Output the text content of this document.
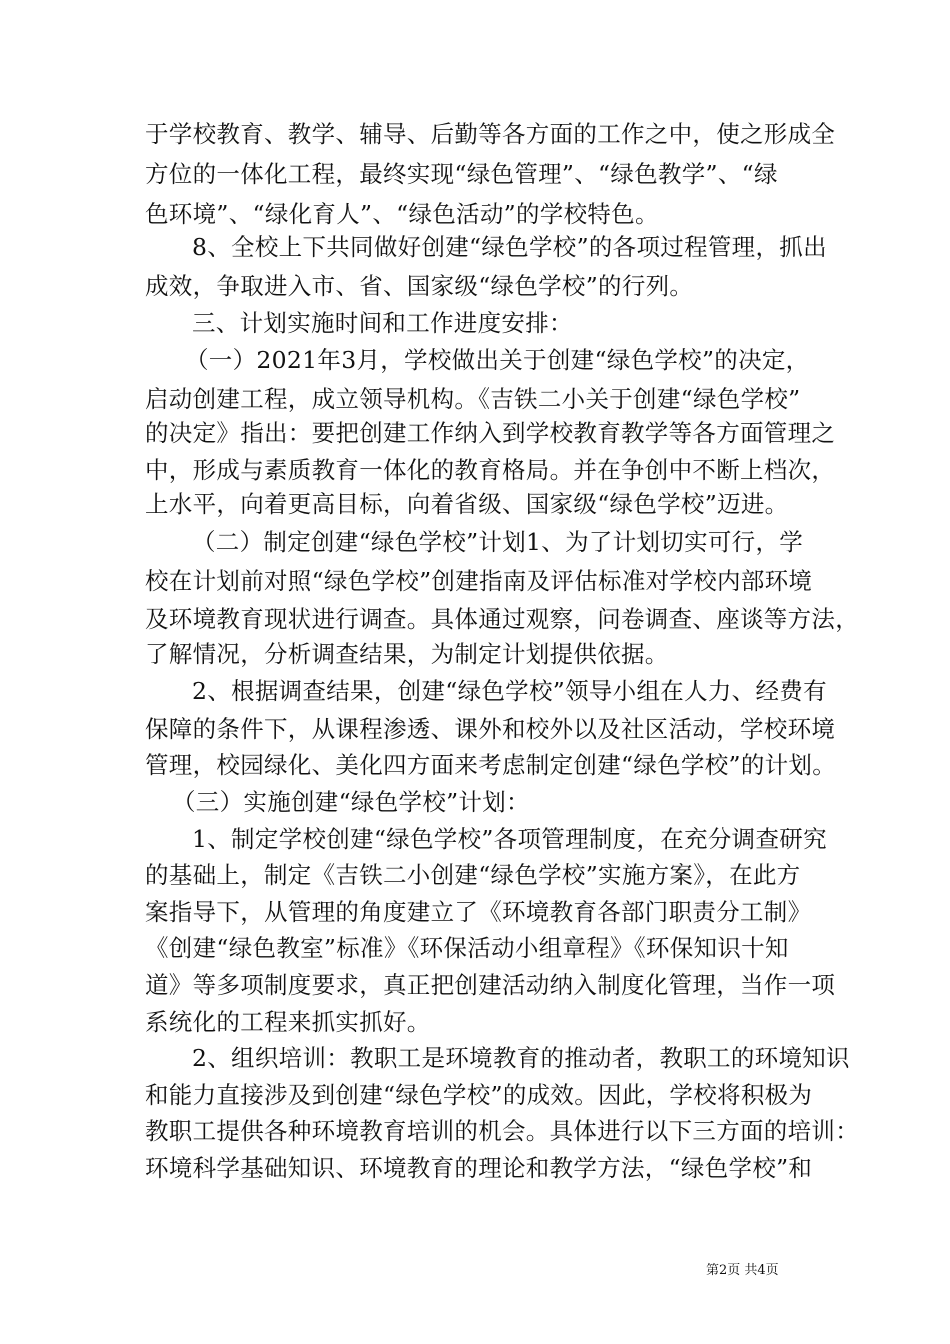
于学校教育、教学、辅导、后勤等各方面的工作之中，使之形成全
方位的一体化工程，最终实现“绿色管理”、“绿色教学”、“绿
色环境”、“绿化育人”、“绿色活动”的学校特色。
8、全校上下共同做好创建“绿色学校”的各项过程管理，抓出
成效，争取进入市、省、国家级“绿色学校”的行列。
三、计划实施时间和工作进度安排：
（一）2021年3月，学校做出关于创建“绿色学校”的决定，
启动创建工程，成立领导机构。《吉铁二小关于创建“绿色学校”
的决定》指出：要把创建工作纳入到学校教育教学等各方面管理之
中，形成与素质教育一体化的教育格局。并在争创中不断上档次，
上水平，向着更高目标，向着省级、国家级“绿色学校”迈进。
（二）制定创建“绿色学校”计划1、为了计划切实可行，学
校在计划前对照“绿色学校”创建指南及评估标准对学校内部环境
及环境教育现状进行调查。具体通过观察，问卷调查、座谈等方法，
了解情况，分析调查结果，为制定计划提供依据。
2、根据调查结果，创建“绿色学校”领导小组在人力、经费有
保障的条件下，从课程渗透、课外和校外以及社区活动，学校环境
管理，校园绿化、美化四方面来考虑制定创建“绿色学校”的计划。
（三）实施创建“绿色学校”计划：
1、制定学校创建“绿色学校”各项管理制度，在充分调查研究
的基础上，制定《吉铁二小创建“绿色学校”实施方案》，在此方
案指导下，从管理的角度建立了《环境教育各部门职责分工制》
《创建“绿色教室”标准》《环保活动小组章程》《环保知识十知
道》等多项制度要求，真正把创建活动纳入制度化管理，当作一项
系统化的工程来抓实抓好。
2、组织培训：教职工是环境教育的推动者，教职工的环境知识
和能力直接涉及到创建“绿色学校”的成效。因此，学校将积极为
教职工提供各种环境教育培训的机会。具体进行以下三方面的培训：
环境科学基础知识、环境教育的理论和教学方法，“绿色学校”和
第2页 共4页
